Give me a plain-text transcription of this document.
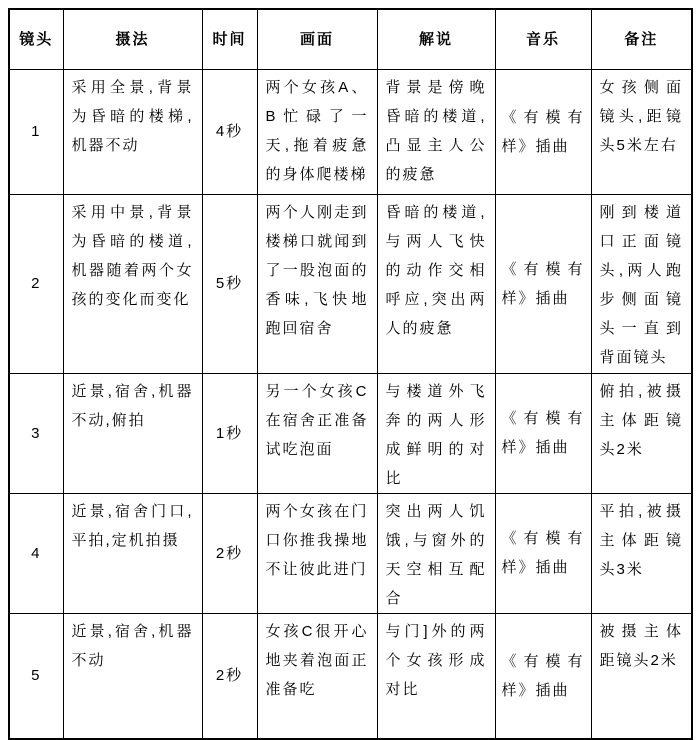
镜头	摄法	时间	画面	解说	音乐	备注
1	采用全景,背景为昏暗的楼梯,机器不动	4秒	两个女孩A、B忙碌了一天,拖着疲惫的身体爬楼梯	背景是傍晚昏暗的楼道,凸显主人公的疲惫	《有模有样》插曲	女孩侧面镜头,距镜头5米左右
2	采用中景,背景为昏暗的楼道,机器随着两个女孩的变化而变化	5秒	两个人刚走到楼梯口就闻到了一股泡面的香味,飞快地跑回宿舍	昏暗的楼道,与两人飞快的动作交相呼应,突出两人的疲惫	《有模有样》插曲	刚到楼道口正面镜头,两人跑步侧面镜头一直到背面镜头
3	近景,宿舍,机器不动,俯拍	1秒	另一个女孩C在宿舍正准备试吃泡面	与楼道外飞奔的两人形成鲜明的对比	《有模有样》插曲	俯拍,被摄主体距镜头2米
4	近景,宿舍门口,平拍,定机拍摄	2秒	两个女孩在门口你推我操地不让彼此进门	突出两人饥饿,与窗外的天空相互配合	《有模有样》插曲	平拍,被摄主体距镜头3米
5	近景,宿舍,机器不动	2秒	女孩C很开心地夹着泡面正准备吃	与门]外的两个女孩形成对比	《有模有样》插曲	被摄主体距镜头2米
